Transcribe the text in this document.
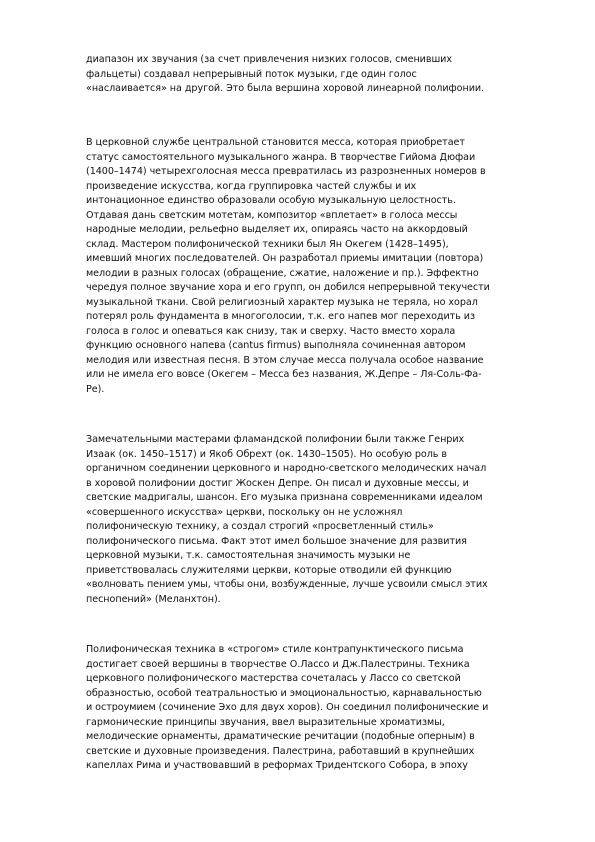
диапазон их звучания (за счет привлечения низких голосов, сменивших
фальцеты) создавал непрерывный поток музыки, где один голос
«наслаивается» на другой. Это была вершина хоровой линеарной полифонии.
В церковной службе центральной становится месса, которая приобретает
статус самостоятельного музыкального жанра. В творчестве Гийома Дюфаи
(1400–1474) четырехголосная месса превратилась из разрозненных номеров в
произведение искусства, когда группировка частей службы и их
интонационное единство образовали особую музыкальную целостность.
Отдавая дань светским мотетам, композитор «вплетает» в голоса мессы
народные мелодии, рельефно выделяет их, опираясь часто на аккордовый
склад. Мастером полифонической техники был Ян Окегем (1428–1495),
имевший многих последователей. Он разработал приемы имитации (повтора)
мелодии в разных голосах (обращение, сжатие, наложение и пр.). Эффектно
чередуя полное звучание хора и его групп, он добился непрерывной текучести
музыкальной ткани. Свой религиозный характер музыка не теряла, но хорал
потерял роль фундамента в многоголосии, т.к. его напев мог переходить из
голоса в голос и опеваться как снизу, так и сверху. Часто вместо хорала
функцию основного напева (cantus firmus) выполняла сочиненная автором
мелодия или известная песня. В этом случае месса получала особое название
или не имела его вовсе (Окегем – Месса без названия, Ж.Депре – Ля-Соль-Фа-
Ре).
Замечательными мастерами фламандской полифонии были также Генрих
Изаак (ок. 1450–1517) и Якоб Обрехт (ок. 1430–1505). Но особую роль в
органичном соединении церковного и народно-светского мелодических начал
в хоровой полифонии достиг Жоскен Депре. Он писал и духовные мессы, и
светские мадригалы, шансон. Его музыка признана современниками идеалом
«совершенного искусства» церкви, поскольку он не усложнял
полифоническую технику, а создал строгий «просветленный стиль»
полифонического письма. Факт этот имел большое значение для развития
церковной музыки, т.к. самостоятельная значимость музыки не
приветствовалась служителями церкви, которые отводили ей функцию
«волновать пением умы, чтобы они, возбужденные, лучше усвоили смысл этих
песнопений» (Меланхтон).
Полифоническая техника в «строгом» стиле контрапунктического письма
достигает своей вершины в творчестве О.Лассо и Дж.Палестрины. Техника
церковного полифонического мастерства сочеталась у Лассо со светской
образностью, особой театральностью и эмоциональностью, карнавальностью
и остроумием (сочинение Эхо для двух хоров). Он соединил полифонические и
гармонические принципы звучания, ввел выразительные хроматизмы,
мелодические орнаменты, драматические речитации (подобные оперным) в
светские и духовные произведения. Палестрина, работавший в крупнейших
капеллах Рима и участвовавший в реформах Тридентского Собора, в эпоху
